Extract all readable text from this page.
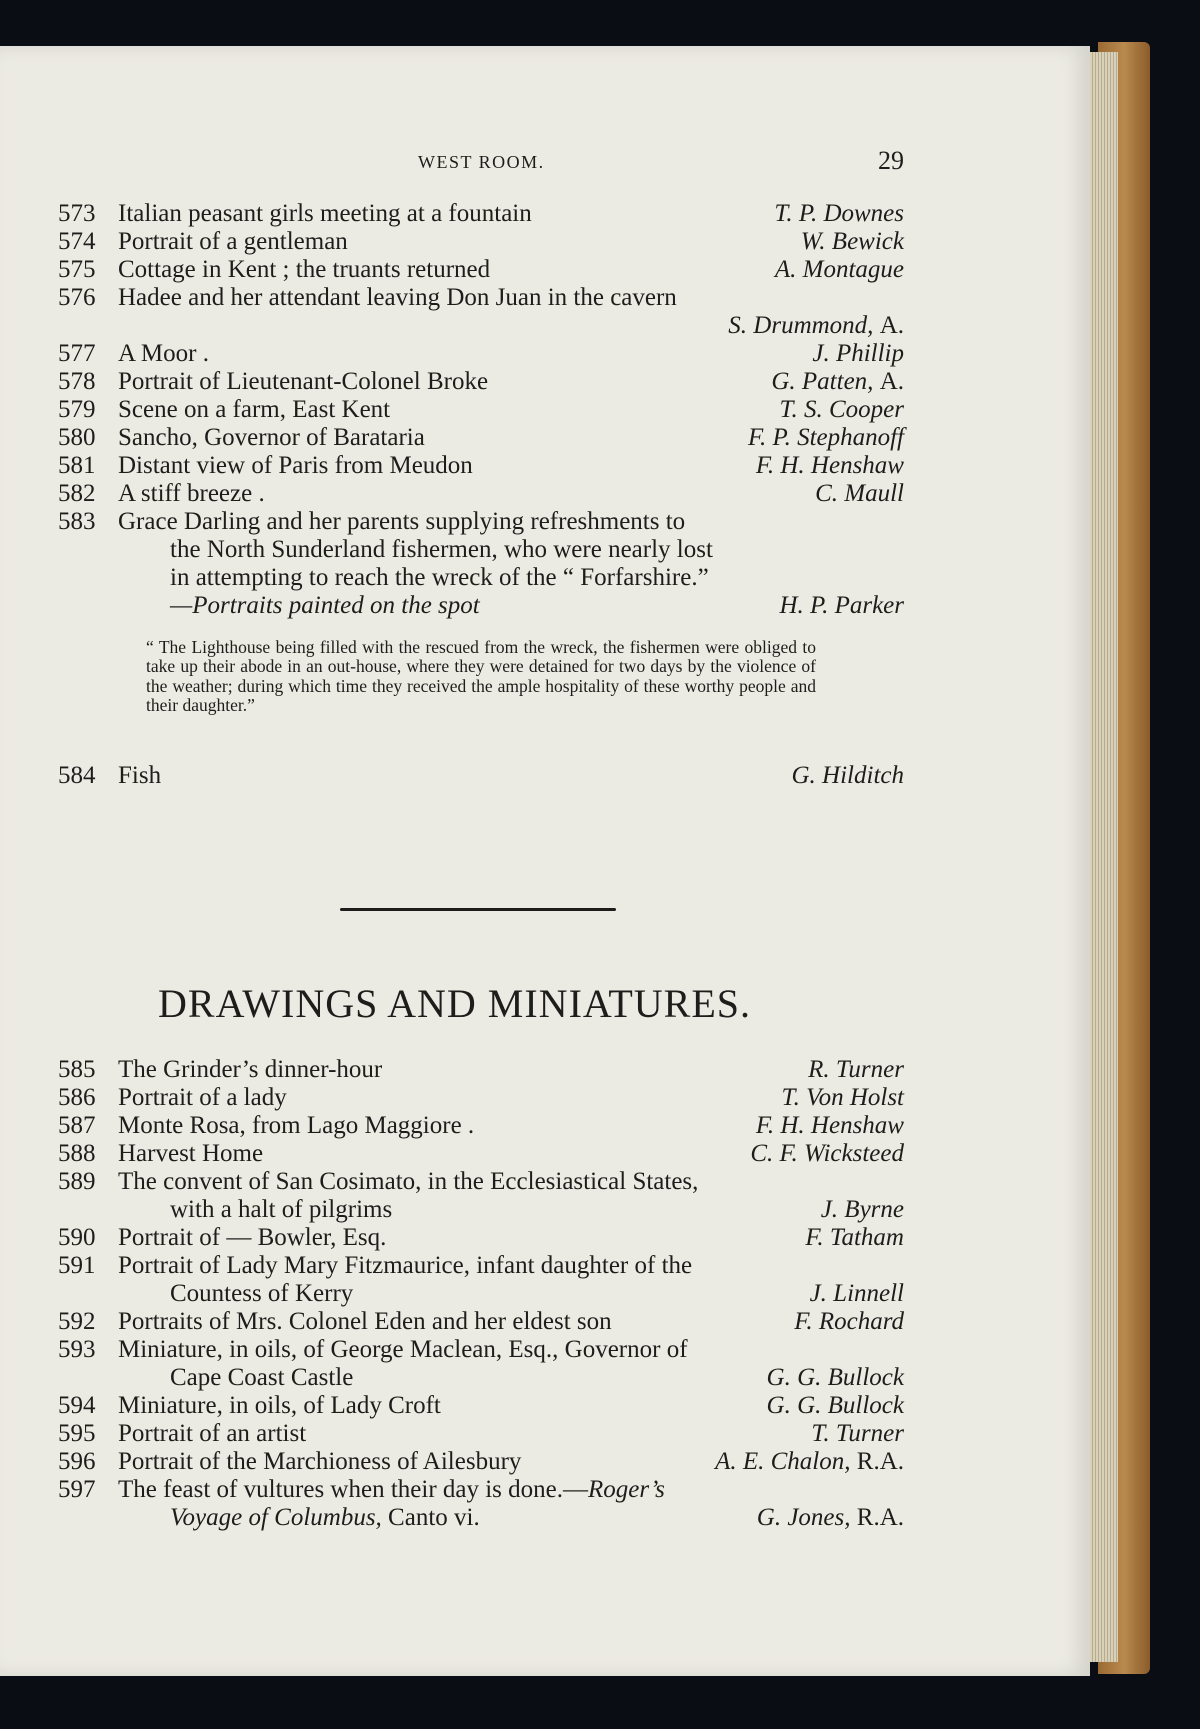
WEST ROOM.	29
573 Italian peasant girls meeting at a fountain	T. P. Downes
574 Portrait of a gentleman	W. Bewick
575 Cottage in Kent ; the truants returned	A. Montague
576 Hadee and her attendant leaving Don Juan in the cavern
S. Drummond, A.
577 A Moor .	J. Phillip
578 Portrait of Lieutenant-Colonel Broke	G. Patten, A.
579 Scene on a farm, East Kent	T. S. Cooper
580 Sancho, Governor of Barataria	F. P. Stephanoff
581 Distant view of Paris from Meudon	F. H. Henshaw
582 A stiff breeze .	C. Maull
583 Grace Darling and her parents supplying refreshments to
the North Sunderland fishermen, who were nearly lost
in attempting to reach the wreck of the “ Forfarshire.”
—Portraits painted on the spot	H. P. Parker
“ The Lighthouse being filled with the rescued from the wreck, the fishermen were obliged to take up their abode in an out-house, where they were detained for two days by the violence of the weather; during which time they received the ample hospitality of these worthy people and their daughter.”
584 Fish	G. Hilditch
DRAWINGS AND MINIATURES.
585 The Grinder’s dinner-hour	R. Turner
586 Portrait of a lady	T. Von Holst
587 Monte Rosa, from Lago Maggiore .	F. H. Henshaw
588 Harvest Home	C. F. Wicksteed
589 The convent of San Cosimato, in the Ecclesiastical States,
with a halt of pilgrims	J. Byrne
590 Portrait of — Bowler, Esq.	F. Tatham
591 Portrait of Lady Mary Fitzmaurice, infant daughter of the
Countess of Kerry	J. Linnell
592 Portraits of Mrs. Colonel Eden and her eldest son	F. Rochard
593 Miniature, in oils, of George Maclean, Esq., Governor of
Cape Coast Castle	G. G. Bullock
594 Miniature, in oils, of Lady Croft	G. G. Bullock
595 Portrait of an artist	T. Turner
596 Portrait of the Marchioness of Ailesbury	A. E. Chalon, R.A.
597 The feast of vultures when their day is done.—Roger’s
Voyage of Columbus, Canto vi.	G. Jones, R.A.
